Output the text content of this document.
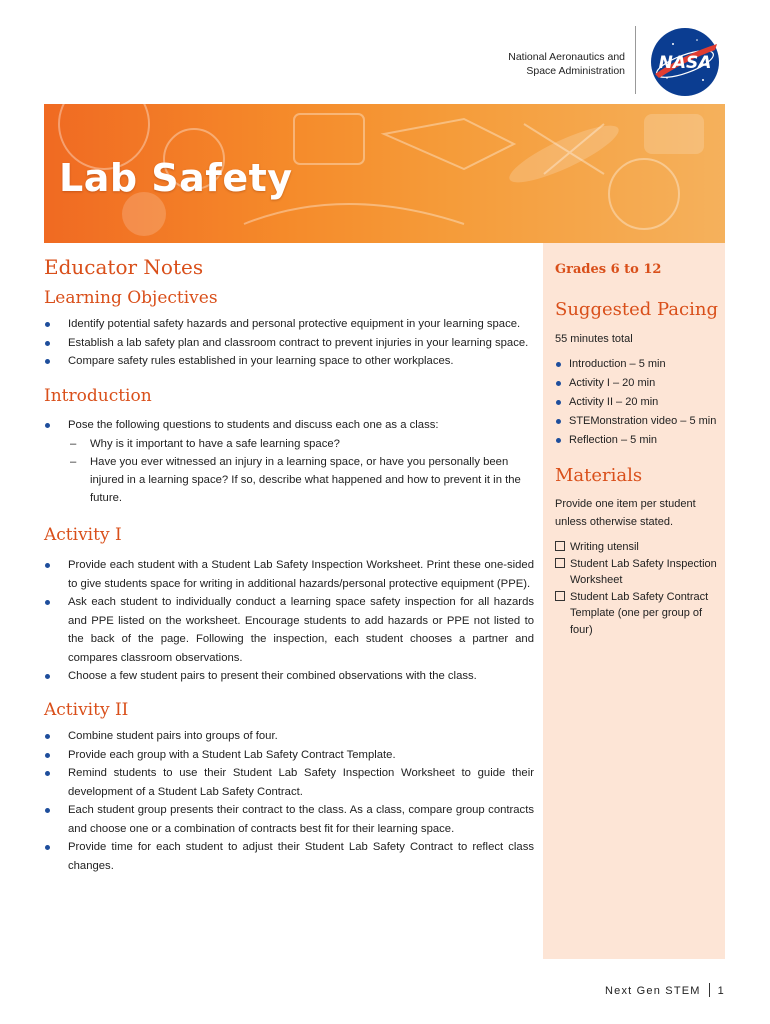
National Aeronautics and
Space Administration NASA
Lab Safety
Educator Notes
Learning Objectives
Identify potential safety hazards and personal protective equipment in your learning space.
Establish a lab safety plan and classroom contract to prevent injuries in your learning space.
Compare safety rules established in your learning space to other workplaces.
Introduction
Pose the following questions to students and discuss each one as a class:
– Why is it important to have a safe learning space?
– Have you ever witnessed an injury in a learning space, or have you personally been injured in a learning space? If so, describe what happened and how to prevent it in the future.
Activity I
Provide each student with a Student Lab Safety Inspection Worksheet. Print these one-sided to give students space for writing in additional hazards/personal protective equipment (PPE).
Ask each student to individually conduct a learning space safety inspection for all hazards and PPE listed on the worksheet. Encourage students to add hazards or PPE not listed to the back of the page. Following the inspection, each student chooses a partner and compares classroom observations.
Choose a few student pairs to present their combined observations with the class.
Activity II
Combine student pairs into groups of four.
Provide each group with a Student Lab Safety Contract Template.
Remind students to use their Student Lab Safety Inspection Worksheet to guide their development of a Student Lab Safety Contract.
Each student group presents their contract to the class. As a class, compare group contracts and choose one or a combination of contracts best fit for their learning space.
Provide time for each student to adjust their Student Lab Safety Contract to reflect class changes.
Grades 6 to 12
Suggested Pacing
55 minutes total
Introduction – 5 min
Activity I – 20 min
Activity II – 20 min
STEMonstration video – 5 min
Reflection – 5 min
Materials
Provide one item per student unless otherwise stated.
Writing utensil
Student Lab Safety Inspection Worksheet
Student Lab Safety Contract Template (one per group of four)
Next Gen STEM 1
